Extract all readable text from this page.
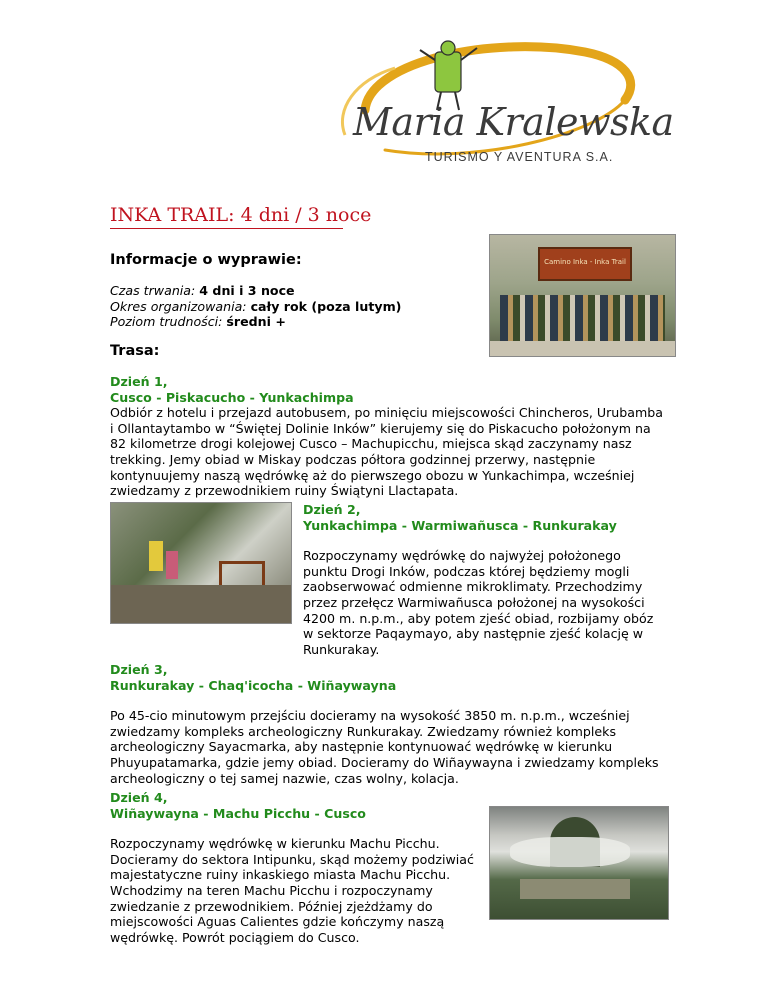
Maria Kralewska
TURISMO Y AVENTURA S.A.
INKA TRAIL: 4 dni / 3 noce
Informacje o wyprawie:
Czas trwania: 4 dni i 3 noce
Okres organizowania: cały rok (poza lutym)
Poziom trudności: średni +
Camino Inka - Inka Trail
Trasa:
Dzień 1,
Cusco - Piskacucho - Yunkachimpa
Odbiór z hotelu i przejazd autobusem, po minięciu miejscowości Chincheros, Urubamba i Ollantaytambo w “Świętej Dolinie Inków” kierujemy się do Piskacucho położonym na 82 kilometrze drogi kolejowej Cusco – Machupicchu, miejsca skąd zaczynamy nasz trekking. Jemy obiad w Miskay podczas półtora godzinnej przerwy, następnie kontynuujemy naszą wędrówkę aż do pierwszego obozu w Yunkachimpa, wcześniej zwiedzamy z przewodnikiem ruiny Świątyni Llactapata.
Dzień 2,
Yunkachimpa - Warmiwañusca - Runkurakay
Rozpoczynamy wędrówkę do najwyżej położonego punktu Drogi Inków, podczas której będziemy mogli zaobserwować odmienne mikroklimaty. Przechodzimy przez przełęcz Warmiwañusca położonej na wysokości 4200 m. n.p.m., aby potem zjeść obiad, rozbijamy obóz w sektorze Paqaymayo, aby następnie zjeść kolację w Runkurakay.
Dzień 3,
Runkurakay - Chaq'icocha - Wiñaywayna
Po 45-cio minutowym przejściu docieramy na wysokość 3850 m. n.p.m., wcześniej zwiedzamy kompleks archeologiczny Runkurakay. Zwiedzamy również kompleks archeologiczny Sayacmarka, aby następnie kontynuować wędrówkę w kierunku Phuyupatamarka, gdzie jemy obiad. Docieramy do Wiñaywayna i zwiedzamy kompleks archeologiczny o tej samej nazwie, czas wolny, kolacja.
Dzień 4,
Wiñaywayna - Machu Picchu - Cusco
Rozpoczynamy wędrówkę w kierunku Machu Picchu. Docieramy do sektora Intipunku, skąd możemy podziwiać majestatyczne ruiny inkaskiego miasta Machu Picchu. Wchodzimy na teren Machu Picchu i rozpoczynamy zwiedzanie z przewodnikiem. Później zjeżdżamy do miejscowości Aguas Calientes gdzie kończymy naszą wędrówkę. Powrót pociągiem do Cusco.
